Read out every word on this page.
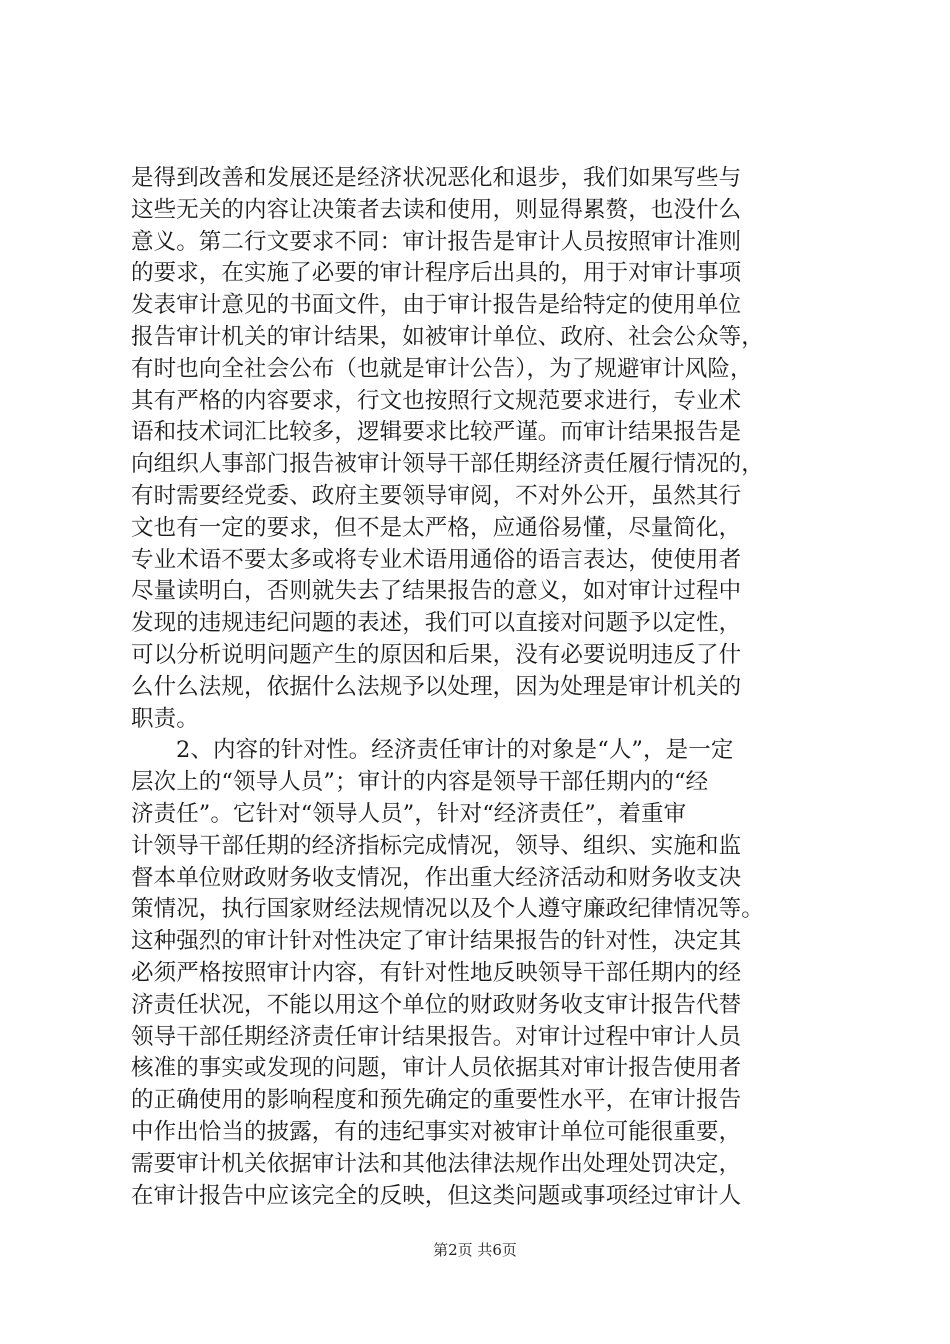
是得到改善和发展还是经济状况恶化和退步，我们如果写些与
这些无关的内容让决策者去读和使用，则显得累赘，也没什么
意义。第二行文要求不同：审计报告是审计人员按照审计准则
的要求，在实施了必要的审计程序后出具的，用于对审计事项
发表审计意见的书面文件，由于审计报告是给特定的使用单位
报告审计机关的审计结果，如被审计单位、政府、社会公众等，
有时也向全社会公布（也就是审计公告），为了规避审计风险，
其有严格的内容要求，行文也按照行文规范要求进行，专业术
语和技术词汇比较多，逻辑要求比较严谨。而审计结果报告是
向组织人事部门报告被审计领导干部任期经济责任履行情况的，
有时需要经党委、政府主要领导审阅，不对外公开，虽然其行
文也有一定的要求，但不是太严格，应通俗易懂，尽量简化，
专业术语不要太多或将专业术语用通俗的语言表达，使使用者
尽量读明白，否则就失去了结果报告的意义，如对审计过程中
发现的违规违纪问题的表述，我们可以直接对问题予以定性，
可以分析说明问题产生的原因和后果，没有必要说明违反了什
么什么法规，依据什么法规予以处理，因为处理是审计机关的
职责。
2、内容的针对性。经济责任审计的对象是“人”，是一定
层次上的“领导人员”；审计的内容是领导干部任期内的“经
济责任”。它针对“领导人员”，针对“经济责任”，着重审
计领导干部任期的经济指标完成情况，领导、组织、实施和监
督本单位财政财务收支情况，作出重大经济活动和财务收支决
策情况，执行国家财经法规情况以及个人遵守廉政纪律情况等。
这种强烈的审计针对性决定了审计结果报告的针对性，决定其
必须严格按照审计内容，有针对性地反映领导干部任期内的经
济责任状况，不能以用这个单位的财政财务收支审计报告代替
领导干部任期经济责任审计结果报告。对审计过程中审计人员
核准的事实或发现的问题，审计人员依据其对审计报告使用者
的正确使用的影响程度和预先确定的重要性水平，在审计报告
中作出恰当的披露，有的违纪事实对被审计单位可能很重要，
需要审计机关依据审计法和其他法律法规作出处理处罚决定，
在审计报告中应该完全的反映，但这类问题或事项经过审计人
第2页 共6页
